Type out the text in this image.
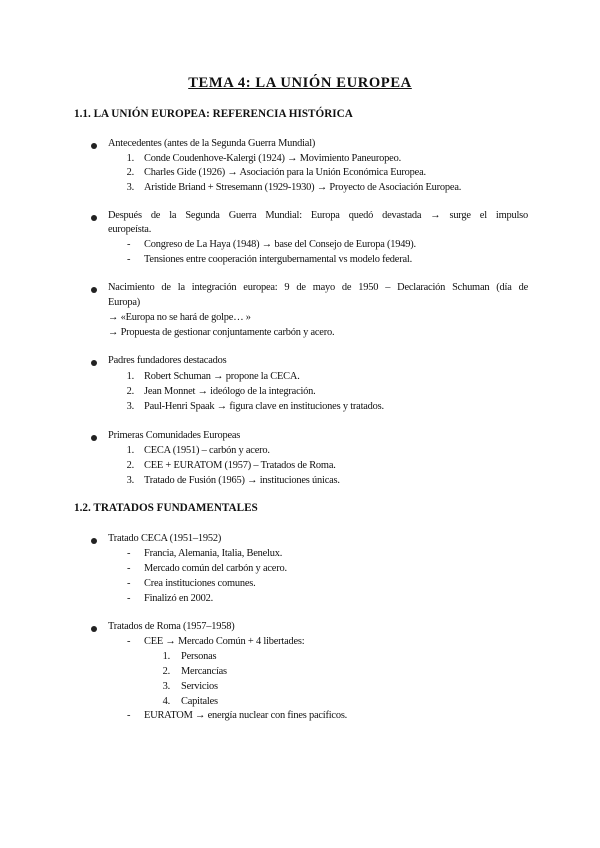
TEMA 4: LA UNIÓN EUROPEA
1.1. LA UNIÓN EUROPEA: REFERENCIA HISTÓRICA
Antecedentes (antes de la Segunda Guerra Mundial)
1. Conde Coudenhove-Kalergi (1924) → Movimiento Paneuropeo.
2. Charles Gide (1926) → Asociación para la Unión Económica Europea.
3. Aristide Briand + Stresemann (1929-1930) → Proyecto de Asociación Europea.
Después de la Segunda Guerra Mundial: Europa quedó devastada → surge el impulso
europeísta.
- Congreso de La Haya (1948) → base del Consejo de Europa (1949).
- Tensiones entre cooperación intergubernamental vs modelo federal.
Nacimiento de la integración europea: 9 de mayo de 1950 – Declaración Schuman (día de
Europa)
→ «Europa no se hará de golpe… »
→ Propuesta de gestionar conjuntamente carbón y acero.
Padres fundadores destacados
1. Robert Schuman → propone la CECA.
2. Jean Monnet → ideólogo de la integración.
3. Paul-Henri Spaak → figura clave en instituciones y tratados.
Primeras Comunidades Europeas
1. CECA (1951) – carbón y acero.
2. CEE + EURATOM (1957) – Tratados de Roma.
3. Tratado de Fusión (1965) → instituciones únicas.
1.2. TRATADOS FUNDAMENTALES
Tratado CECA (1951–1952)
- Francia, Alemania, Italia, Benelux.
- Mercado común del carbón y acero.
- Crea instituciones comunes.
- Finalizó en 2002.
Tratados de Roma (1957–1958)
- CEE → Mercado Común + 4 libertades:
1. Personas
2. Mercancías
3. Servicios
4. Capitales
- EURATOM → energía nuclear con fines pacíficos.
